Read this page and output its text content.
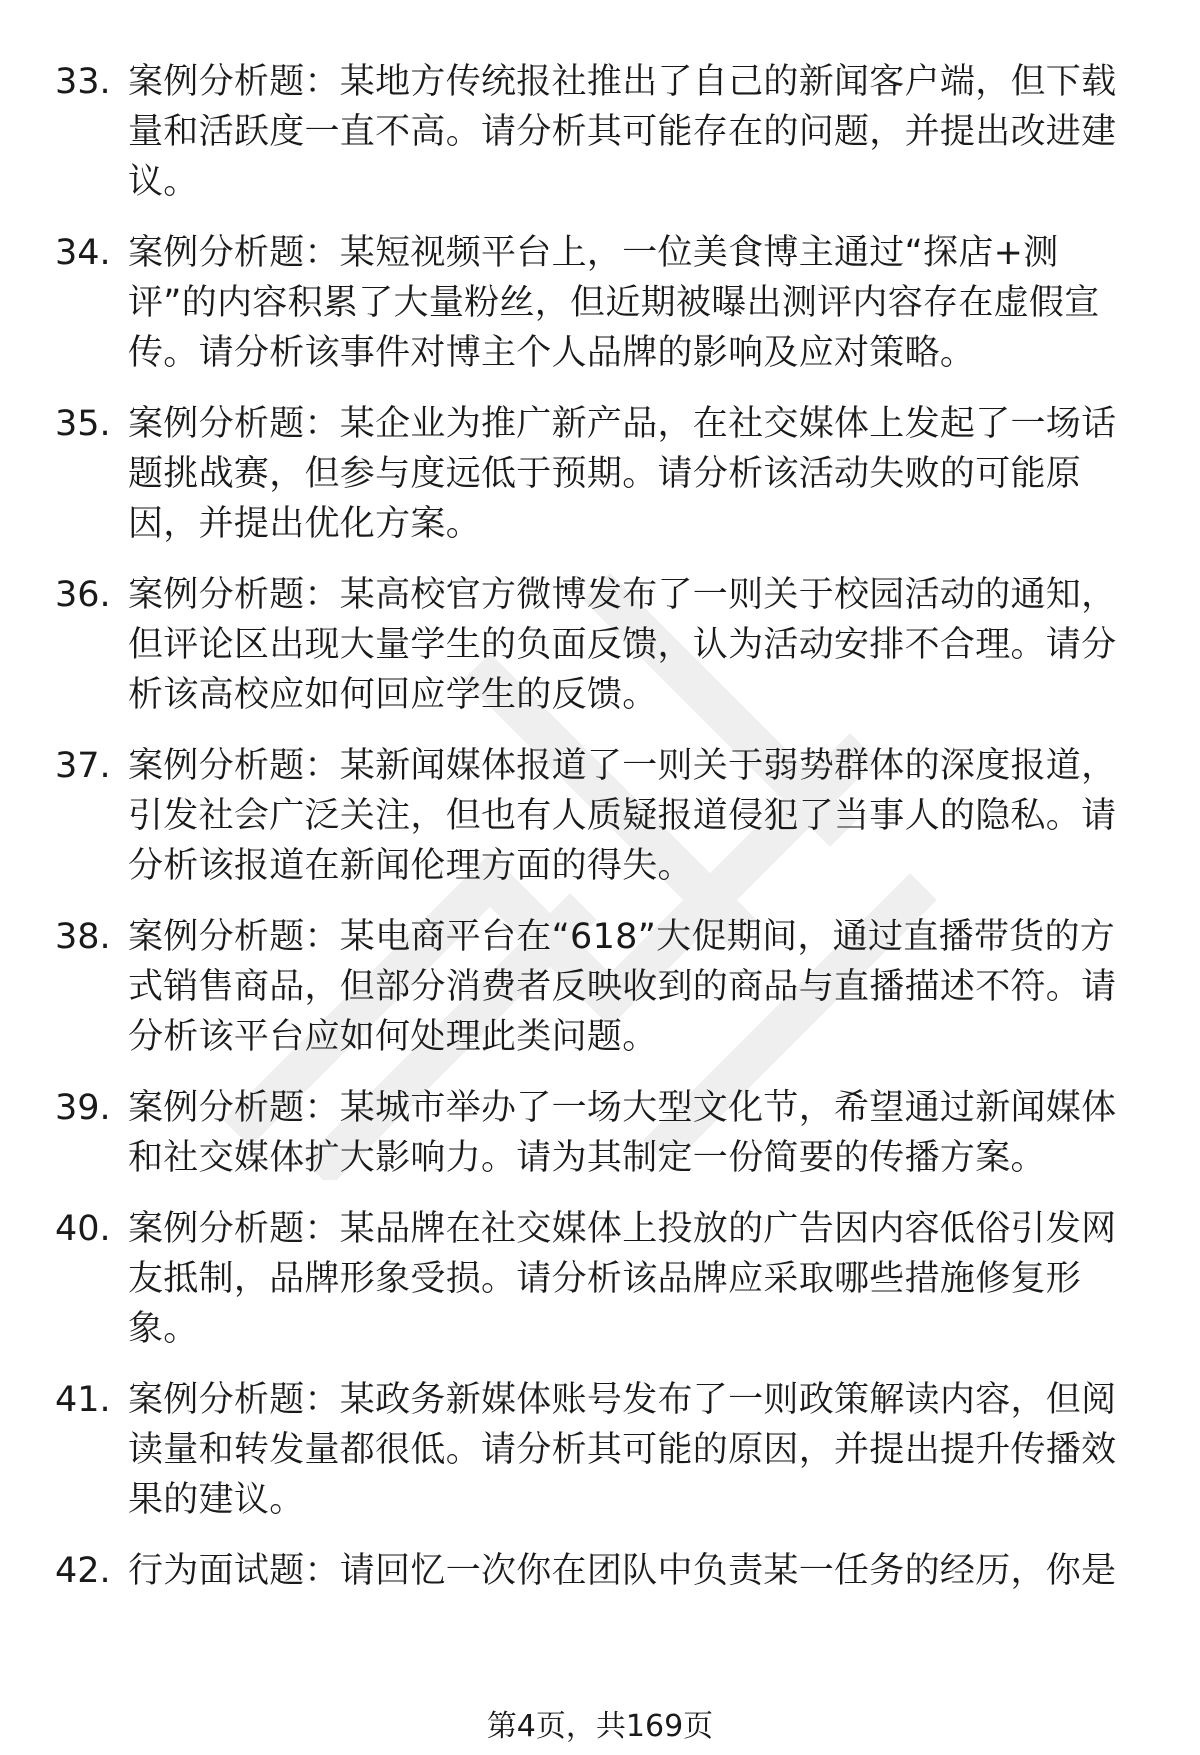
33. 案例分析题：某地方传统报社推出了自己的新闻客户端，但下载量和活跃度一直不高。请分析其可能存在的问题，并提出改进建议。
34. 案例分析题：某短视频平台上，一位美食博主通过“探店+测评”的内容积累了大量粉丝，但近期被曝出测评内容存在虚假宣传。请分析该事件对博主个人品牌的影响及应对策略。
35. 案例分析题：某企业为推广新产品，在社交媒体上发起了一场话题挑战赛，但参与度远低于预期。请分析该活动失败的可能原因，并提出优化方案。
36. 案例分析题：某高校官方微博发布了一则关于校园活动的通知，但评论区出现大量学生的负面反馈，认为活动安排不合理。请分析该高校应如何回应学生的反馈。
37. 案例分析题：某新闻媒体报道了一则关于弱势群体的深度报道，引发社会广泛关注，但也有人质疑报道侵犯了当事人的隐私。请分析该报道在新闻伦理方面的得失。
38. 案例分析题：某电商平台在“618”大促期间，通过直播带货的方式销售商品，但部分消费者反映收到的商品与直播描述不符。请分析该平台应如何处理此类问题。
39. 案例分析题：某城市举办了一场大型文化节，希望通过新闻媒体和社交媒体扩大影响力。请为其制定一份简要的传播方案。
40. 案例分析题：某品牌在社交媒体上投放的广告因内容低俗引发网友抵制，品牌形象受损。请分析该品牌应采取哪些措施修复形象。
41. 案例分析题：某政务新媒体账号发布了一则政策解读内容，但阅读量和转发量都很低。请分析其可能的原因，并提出提升传播效果的建议。
42. 行为面试题：请回忆一次你在团队中负责某一任务的经历，你是
第4页，共169页
